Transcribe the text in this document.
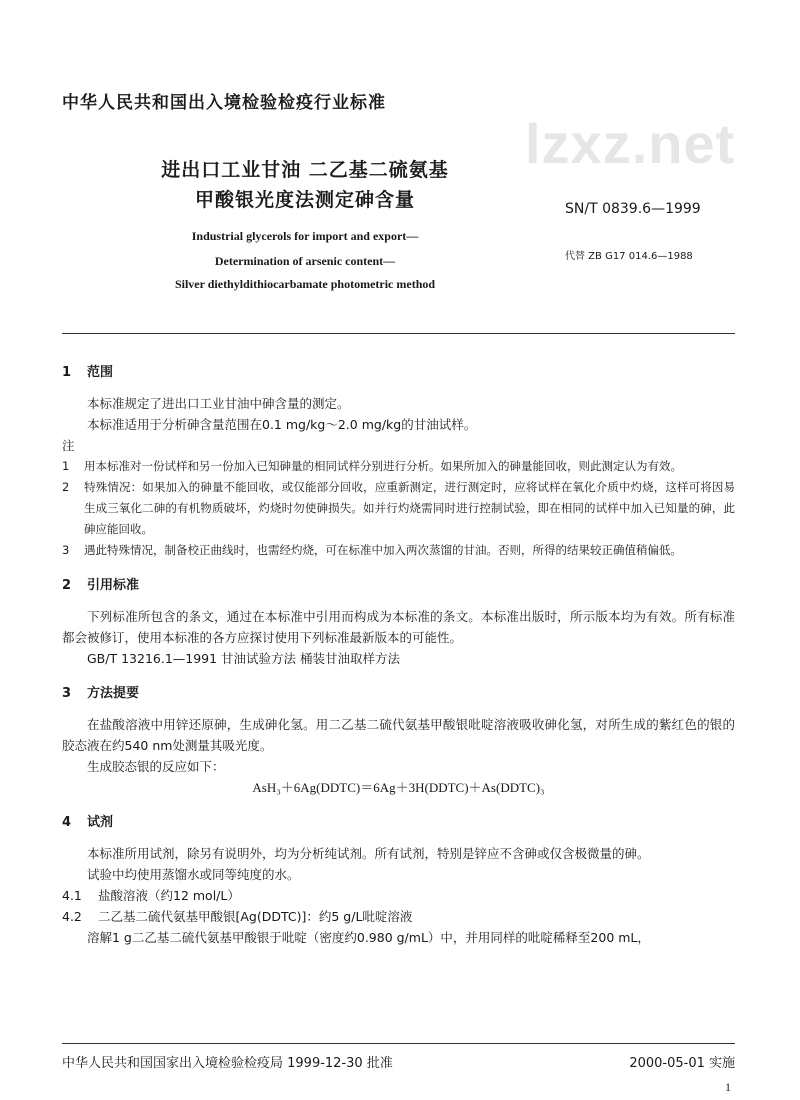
中华人民共和国出入境检验检疫行业标准
lzxz.net
进出口工业甘油 二乙基二硫氨基
甲酸银光度法测定砷含量	SN/T 0839.6—1999
代替 ZB G17 014.6—1988
Industrial glycerols for import and export—
Determination of arsenic content—
Silver diethyldithiocarbamate photometric method
1 范围

本标准规定了进出口工业甘油中砷含量的测定。

本标准适用于分析砷含量范围在0.1 mg/kg～2.0 mg/kg的甘油试样。

注

1 用本标准对一份试样和另一份加入已知砷量的相同试样分别进行分析。如果所加入的砷量能回收，则此测定认为有效。

2 特殊情况：如果加入的砷量不能回收，或仅能部分回收，应重新测定，进行测定时，应将试样在氧化介质中灼烧，这样可将因易生成三氧化二砷的有机物质破坏，灼烧时勿使砷损失。如并行灼烧需同时进行控制试验，即在相同的试样中加入已知量的砷，此砷应能回收。

3 遇此特殊情况，制备校正曲线时，也需经灼烧，可在标准中加入两次蒸馏的甘油。否则，所得的结果较正确值稍偏低。

2 引用标准

下列标准所包含的条文，通过在本标准中引用而构成为本标准的条文。本标准出版时，所示版本均为有效。所有标准都会被修订，使用本标准的各方应探讨使用下列标准最新版本的可能性。

GB/T 13216.1—1991 甘油试验方法 桶装甘油取样方法

3 方法提要

在盐酸溶液中用锌还原砷，生成砷化氢。用二乙基二硫代氨基甲酸银吡啶溶液吸收砷化氢，对所生成的紫红色的银的胶态液在约540 nm处测量其吸光度。

生成胶态银的反应如下：

AsH₃＋6Ag(DDTC)＝6Ag＋3H(DDTC)＋As(DDTC)₃

4 试剂

本标准所用试剂，除另有说明外，均为分析纯试剂。所有试剂，特别是锌应不含砷或仅含极微量的砷。

试验中均使用蒸馏水或同等纯度的水。

4.1 盐酸溶液（约12 mol/L）

4.2 二乙基二硫代氨基甲酸银[Ag(DDTC)]：约5 g/L吡啶溶液

溶解1 g二乙基二硫代氨基甲酸银于吡啶（密度约0.980 g/mL）中，并用同样的吡啶稀释至200 mL，

中华人民共和国国家出入境检验检疫局 1999-12-30 批准	2000-05-01 实施
1
